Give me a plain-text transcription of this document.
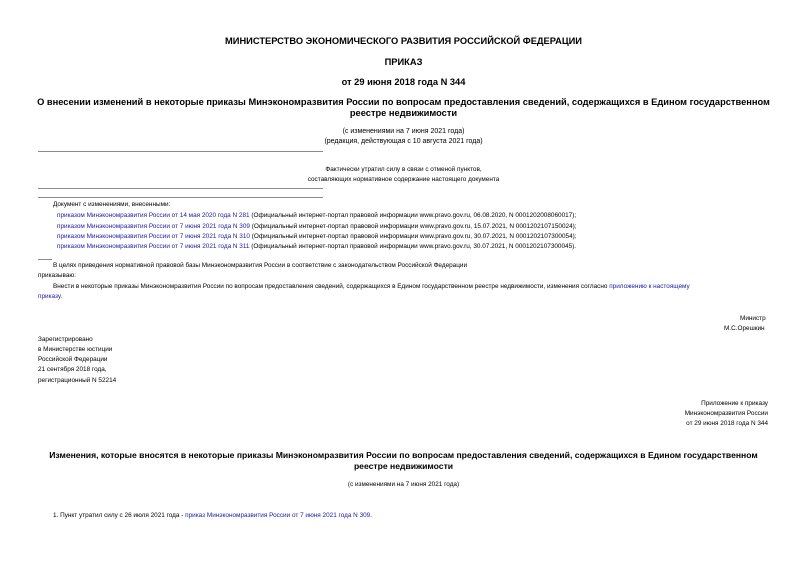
МИНИСТЕРСТВО ЭКОНОМИЧЕСКОГО РАЗВИТИЯ РОССИЙСКОЙ ФЕДЕРАЦИИ
ПРИКАЗ
от 29 июня 2018 года N 344
О внесении изменений в некоторые приказы Минэкономразвития России по вопросам предоставления сведений, содержащихся в Едином государственном
реестре недвижимости
(с изменениями на 7 июня 2021 года)
(редакция, действующая с 10 августа 2021 года)
Фактически утратил силу в связи с отменой пунктов,
составляющих нормативное содержание настоящего документа
Документ с изменениями, внесенными:
приказом Минэкономразвития России от 14 мая 2020 года N 281 (Официальный интернет-портал правовой информации www.pravo.gov.ru, 06.08.2020, N 0001202008060017);
приказом Минэкономразвития России от 7 июня 2021 года N 309 (Официальный интернет-портал правовой информации www.pravo.gov.ru, 15.07.2021, N 0001202107150024);
приказом Минэкономразвития России от 7 июня 2021 года N 310 (Официальный интернет-портал правовой информации www.pravo.gov.ru, 30.07.2021, N 0001202107300054);
приказом Минэкономразвития России от 7 июня 2021 года N 311 (Официальный интернет-портал правовой информации www.pravo.gov.ru, 30.07.2021, N 0001202107300045).
В целях приведения нормативной правовой базы Минэкономразвития России в соответствие с законодательством Российской Федерации
приказываю:
Внести в некоторые приказы Минэкономразвития России по вопросам предоставления сведений, содержащихся в Едином государственном реестре недвижимости, изменения согласно приложению к настоящему
приказу.
Министр
М.С.Орешкин
Зарегистрировано
в Министерстве юстиции
Российской Федерации
21 сентября 2018 года,
регистрационный N 52214
Приложение к приказу
Минэкономразвития России
от 29 июня 2018 года N 344
Изменения, которые вносятся в некоторые приказы Минэкономразвития России по вопросам предоставления сведений, содержащихся в Едином государственном
реестре недвижимости
(с изменениями на 7 июня 2021 года)
1. Пункт утратил силу с 26 июля 2021 года - приказ Минэкономразвития России от 7 июня 2021 года N 309.
